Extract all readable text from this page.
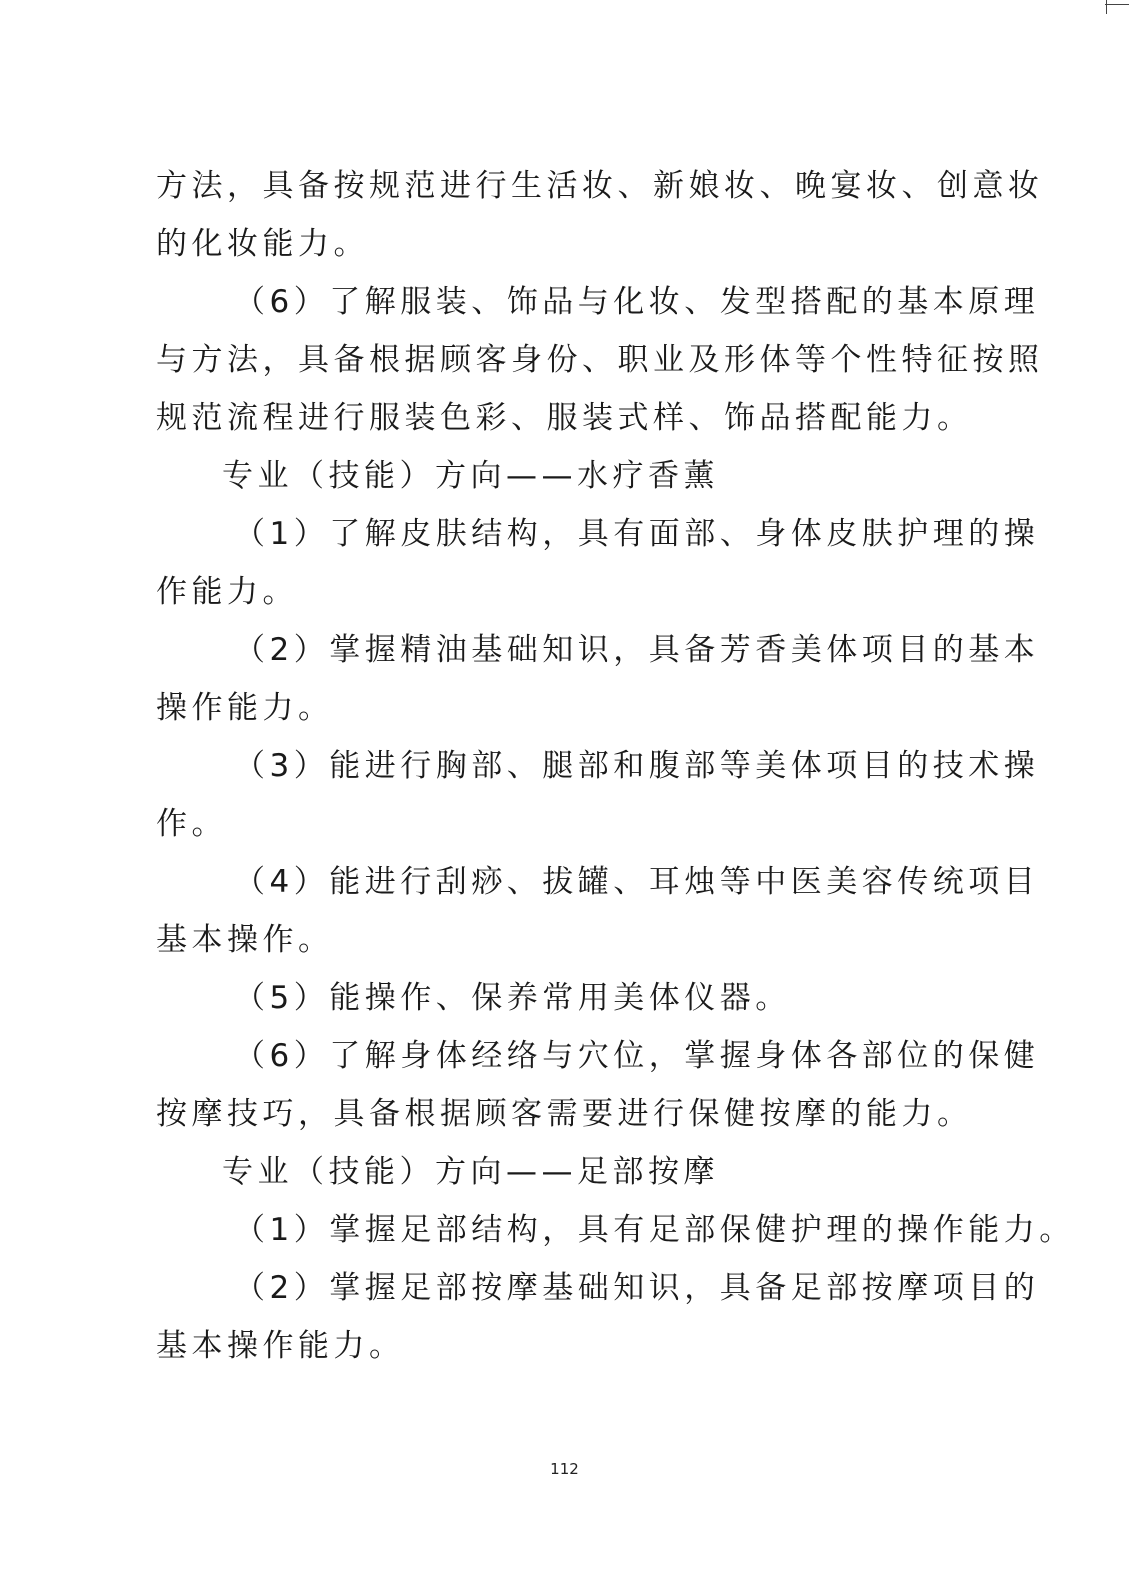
方法，具备按规范进行生活妆、新娘妆、晚宴妆、创意妆
的化妆能力。
（6）了解服装、饰品与化妆、发型搭配的基本原理
与方法，具备根据顾客身份、职业及形体等个性特征按照
规范流程进行服装色彩、服装式样、饰品搭配能力。
专业（技能）方向——水疗香薰
（1）了解皮肤结构，具有面部、身体皮肤护理的操
作能力。
（2）掌握精油基础知识，具备芳香美体项目的基本
操作能力。
（3）能进行胸部、腿部和腹部等美体项目的技术操
作。
（4）能进行刮痧、拔罐、耳烛等中医美容传统项目
基本操作。
（5）能操作、保养常用美体仪器。
（6）了解身体经络与穴位，掌握身体各部位的保健
按摩技巧，具备根据顾客需要进行保健按摩的能力。
专业（技能）方向——足部按摩
（1）掌握足部结构，具有足部保健护理的操作能力。
（2）掌握足部按摩基础知识，具备足部按摩项目的
基本操作能力。
112
